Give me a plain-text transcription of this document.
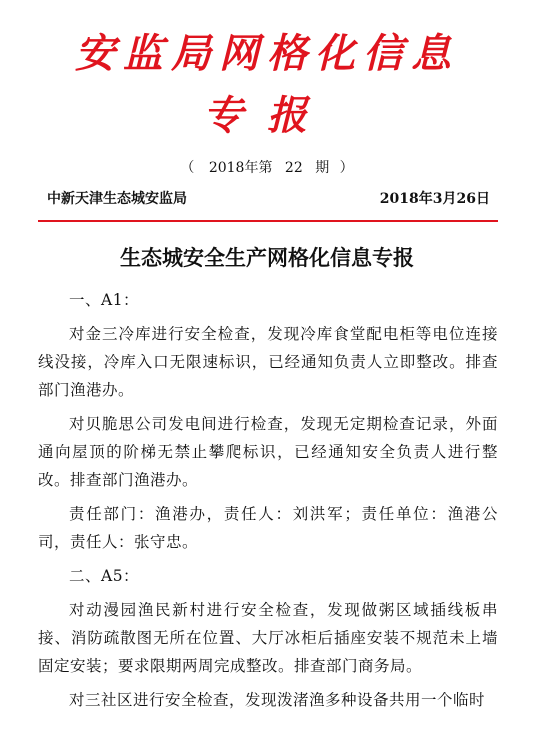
安监局网格化信息
专报
（ 2018年第 22 期 ）
中新天津生态城安监局	2018年3月26日
生态城安全生产网格化信息专报

一、A1：

对金三冷库进行安全检查，发现冷库食堂配电柜等电位连接线没接，冷库入口无限速标识，已经通知负责人立即整改。排查部门渔港办。

对贝脆思公司发电间进行检查，发现无定期检查记录，外面通向屋顶的阶梯无禁止攀爬标识，已经通知安全负责人进行整改。排查部门渔港办。

责任部门：渔港办，责任人：刘洪军；责任单位：渔港公司，责任人：张守忠。

二、A5：

对动漫园渔民新村进行安全检查，发现做粥区域插线板串接、消防疏散图无所在位置、大厅冰柜后插座安装不规范未上墙固定安装；要求限期两周完成整改。排查部门商务局。

对三社区进行安全检查，发现泼渚渔多种设备共用一个临时
